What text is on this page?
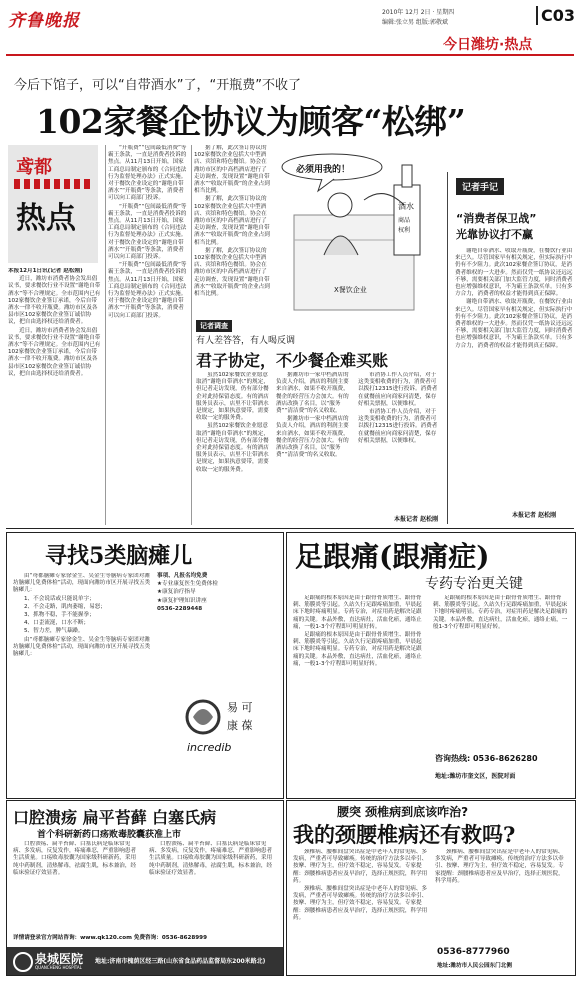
齐鲁晚报	2010年 12月 2日 · 星期四
编辑:张立男 组版:郭敬斌	C03
今日潍坊·热点
今后下馆子，可以“自带酒水”了，“开瓶费”不收了
102家餐企协议为顾客“松绑”
鸢都
热点

本报12月1日讯(记者 赵松刚)

近日，潍坊市消费者协会发出倡议书，要求餐饮行业不设置“谢绝自带酒水”等不合理规定。全市范围内已有102家餐饮企业签订承诺，今后自带酒水一律不收开瓶费。潍坊市区及各县市区102家餐饮企业签订诚信协议，把自由选择权还给消费者。

近日，潍坊市消费者协会发出倡议书，要求餐饮行业不设置“谢绝自带酒水”等不合理规定。全市范围内已有102家餐饮企业签订承诺，今后自带酒水一律不收开瓶费。潍坊市区及各县市区102家餐饮企业签订诚信协议，把自由选择权还给消费者。

“开瓶费”“包间最低消费”等霸王条款，一直是消费者投诉的焦点。从11月13日开始，国家工商总局制定颁布的《合同违法行为监督处理办法》正式实施。对于餐饮企业设定的“谢绝自带酒水”“开瓶费”等条款，消费者可以向工商部门投诉。

“开瓶费”“包间最低消费”等霸王条款，一直是消费者投诉的焦点。从11月13日开始，国家工商总局制定颁布的《合同违法行为监督处理办法》正式实施。对于餐饮企业设定的“谢绝自带酒水”“开瓶费”等条款，消费者可以向工商部门投诉。

“开瓶费”“包间最低消费”等霸王条款，一直是消费者投诉的焦点。从11月13日开始，国家工商总局制定颁布的《合同违法行为监督处理办法》正式实施。对于餐饮企业设定的“谢绝自带酒水”“开瓶费”等条款，消费者可以向工商部门投诉。

据了解，此次签订协议的102家餐饮企业包括大中型酒店、宾馆和特色餐馆。协会在潍坊市区的中高档酒店进行了走访调查，发现设置“谢绝自带酒水”“收取开瓶费”的企业占到相当比例。

据了解，此次签订协议的102家餐饮企业包括大中型酒店、宾馆和特色餐馆。协会在潍坊市区的中高档酒店进行了走访调查，发现设置“谢绝自带酒水”“收取开瓶费”的企业占到相当比例。

据了解，此次签订协议的102家餐饮企业包括大中型酒店、宾馆和特色餐馆。协会在潍坊市区的中高档酒店进行了走访调查，发现设置“谢绝自带酒水”“收取开瓶费”的企业占到相当比例。

必须用我的！
酒水
商品
权利
X餐饮企业
记者调查
有人差答答，有人喝反调
君子协定，不少餐企难买账

虽然102家餐饮企业愿意取消“谢绝自带酒水”的规定，但记者走访发现，仍有部分餐企对此持保留态度。有的酒店服务员表示，店里不让带酒水是规定，如果执意要带，需要收取一定的服务费。

虽然102家餐饮企业愿意取消“谢绝自带酒水”的规定，但记者走访发现，仍有部分餐企对此持保留态度。有的酒店服务员表示，店里不让带酒水是规定，如果执意要带，需要收取一定的服务费。

据潍坊市一家中档酒店的负责人介绍，酒店的利润主要来自酒水，如果不收开瓶费，餐企的经营压力会加大。有的酒店改换了名目，以“服务费”“清洁费”的名义收取。

据潍坊市一家中档酒店的负责人介绍，酒店的利润主要来自酒水，如果不收开瓶费，餐企的经营压力会加大。有的酒店改换了名目，以“服务费”“清洁费”的名义收取。

市消协工作人员介绍，对于这类变相收费的行为，消费者可以拨打12315进行投诉。消费者在就餐前应向商家问清楚，保存好相关票据，以便维权。

市消协工作人员介绍，对于这类变相收费的行为，消费者可以拨打12315进行投诉。消费者在就餐前应向商家问清楚，保存好相关票据，以便维权。

本报记者 赵松刚
记者手记
“消费者保卫战”
光靠协议打不赢

谢绝自带酒水、收取开瓶费，在餐饮行业由来已久。尽管国家早有相关规定，但实际执行中仍有不少阻力。此次102家餐企签订协议，是消费者维权的一大进步。然而仅凭一纸协议还远远不够，需要相关部门加大监管力度，同时消费者也应增强维权意识，不为霸王条款买单。只有多方合力，消费者的权益才能得到真正保障。

谢绝自带酒水、收取开瓶费，在餐饮行业由来已久。尽管国家早有相关规定，但实际执行中仍有不少阻力。此次102家餐企签订协议，是消费者维权的一大进步。然而仅凭一纸协议还远远不够，需要相关部门加大监管力度，同时消费者也应增强维权意识，不为霸王条款买单。只有多方合力，消费者的权益才能得到真正保障。

本报记者 赵松刚
寻找5类脑瘫儿

由“鸢都脑瘫专家徐金生、吴金生等脑病专家团对潍坊脑瘫儿免费体检”活动，现面向潍坊市区开展寻找五类脑瘫儿：

1、不会说话或只能说单字；

2、不会走路，肌肉萎缩，易怒；

3、抓物不稳，手不能握拳；

4、口歪流涎，口水不断；

5、智力差，脾气暴躁。

由“鸢都脑瘫专家徐金生、吴金生等脑病专家团对潍坊脑瘫儿免费体检”活动，现面向潍坊市区开展寻找五类脑瘫儿：

事项、凡报名均免费

★专业康复医生免费体检

★康复治疗指导

★康复护理知识讲座

0536-2289448

易 可
康 葆
incredib
足跟痛(跟痛症)
专药专治更关键

足跟痛的根本原因是由于跟骨骨质增生、跟骨骨刺、筋膜炎等引起。久站久行足跟疼痛加重，早晨起床下地时疼痛明显。专药专治，对症用药是解决足跟痛的关键。本品外敷，直达病灶，活血化瘀，通络止痛，一般1-3个疗程即可明显好转。

足跟痛的根本原因是由于跟骨骨质增生、跟骨骨刺、筋膜炎等引起。久站久行足跟疼痛加重，早晨起床下地时疼痛明显。专药专治，对症用药是解决足跟痛的关键。本品外敷，直达病灶，活血化瘀，通络止痛，一般1-3个疗程即可明显好转。

足跟痛的根本原因是由于跟骨骨质增生、跟骨骨刺、筋膜炎等引起。久站久行足跟疼痛加重，早晨起床下地时疼痛明显。专药专治，对症用药是解决足跟痛的关键。本品外敷，直达病灶，活血化瘀，通络止痛，一般1-3个疗程即可明显好转。

咨询热线: 0536-8626280
地址:潍坊市奎文区，医院对面
口腔溃疡 扁平苔藓 白塞氏病
首个科研新药口疡败毒胶囊获准上市

口腔溃疡、扁平苔藓、白塞氏病是临床常见病、多发病，反复发作，疼痛难忍，严重影响患者生活质量。口疡败毒胶囊为国家级科研新药，采用纯中药制剂，清热解毒，祛腐生肌，标本兼治，经临床验证疗效显著。

口腔溃疡、扁平苔藓、白塞氏病是临床常见病、多发病，反复发作，疼痛难忍，严重影响患者生活质量。口疡败毒胶囊为国家级科研新药，采用纯中药制剂，清热解毒，祛腐生肌，标本兼治，经临床验证疗效显著。

详情请登录官方网站咨询：www.qk120.com 免费咨询：0536-8628999
泉城医院
QUANCHENG HOSPITAL
地址:济南市槐荫区经三路(山东省食品药品监督局东200米路北)
腰突 颈椎病到底该咋治?
我的颈腰椎病还有救吗?

颈椎病、腰椎间盘突出症是中老年人的常见病、多发病，严重者可导致瘫痪。传统的治疗方法多以牵引、按摩、理疗为主，但疗效不稳定，容易复发。专家提醒：颈腰椎病患者应及早治疗，选择正规医院，科学用药。

颈椎病、腰椎间盘突出症是中老年人的常见病、多发病，严重者可导致瘫痪。传统的治疗方法多以牵引、按摩、理疗为主，但疗效不稳定，容易复发。专家提醒：颈腰椎病患者应及早治疗，选择正规医院，科学用药。

颈椎病、腰椎间盘突出症是中老年人的常见病、多发病，严重者可导致瘫痪。传统的治疗方法多以牵引、按摩、理疗为主，但疗效不稳定，容易复发。专家提醒：颈腰椎病患者应及早治疗，选择正规医院，科学用药。

0536-8777960
地址:潍坊市人民公园东门北侧
